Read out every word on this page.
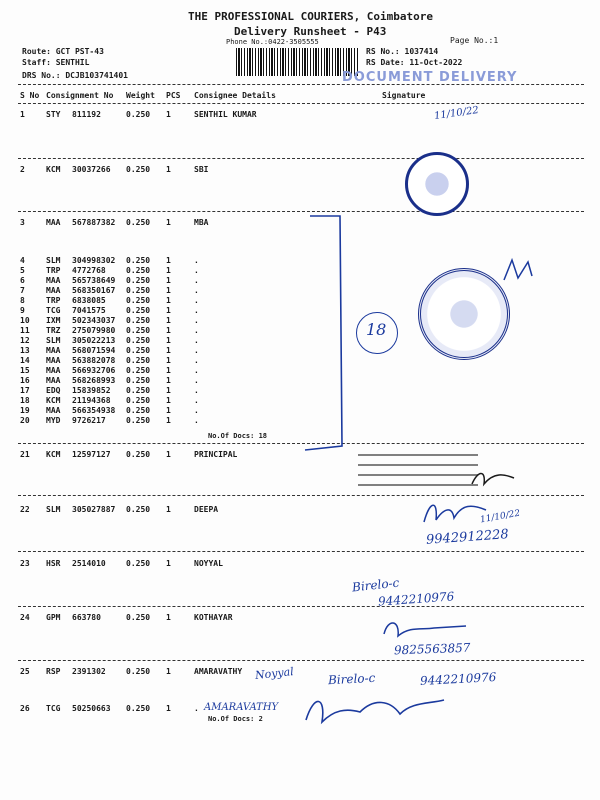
THE PROFESSIONAL COURIERS, Coimbatore
Delivery Runsheet - P43
Phone No.:0422-3505555	Page No.:1
Route: GCT PST-43
Staff: SENTHIL
DRS No.: DCJB103741401
RS No.: 1037414
RS Date: 11-Oct-2022
DOCUMENT DELIVERY
S No Consignment No Weight PCS Consignee Details	Signature
1	STY 811192	0.250 1	SENTHIL KUMAR
2	KCM 30037266 0.250 1	SBI
3	MAA 567887382 0.250 1	MBA
4	SLM 304998302 0.250 1	.
5	TRP 4772768	0.250 1	.
6	MAA 565738649 0.250 1	.
7	MAA 568350167 0.250 1	.
8	TRP 6838085	0.250 1	.
9	TCG 7041575	0.250 1	.
10 IXM 502343037 0.250 1	.
11 TRZ 275079980 0.250 1	.
12 SLM 305022213 0.250 1	.
13 MAA 568071594 0.250 1	.
14 MAA 563882078 0.250 1	.
15 MAA 566932706 0.250 1	.
16 MAA 568268993 0.250 1	.
17 EDQ 15839852 0.250 1	.
18 KCM 21194368 0.250 1	.
19 MAA 566354938 0.250 1	.
20 MYD 9726217	0.250 1	.
21 KCM 12597127 0.250 1	PRINCIPAL
22 SLM 305027887 0.250 1	DEEPA
23 HSR 2514010	0.250 1	NOYYAL
24 GPM 663780	0.250 1	KOTHAYAR
25 RSP 2391302	0.250 1	AMARAVATHY
26 TCG 50250663 0.250 1	.
No.Of Docs: 18
No.Of Docs: 2
18
11/10/22
11/10/22
9942912228
Birelo-c
9442210976
9825563857
Noyyal	Birelo-c	9442210976
AMARAVATHY
